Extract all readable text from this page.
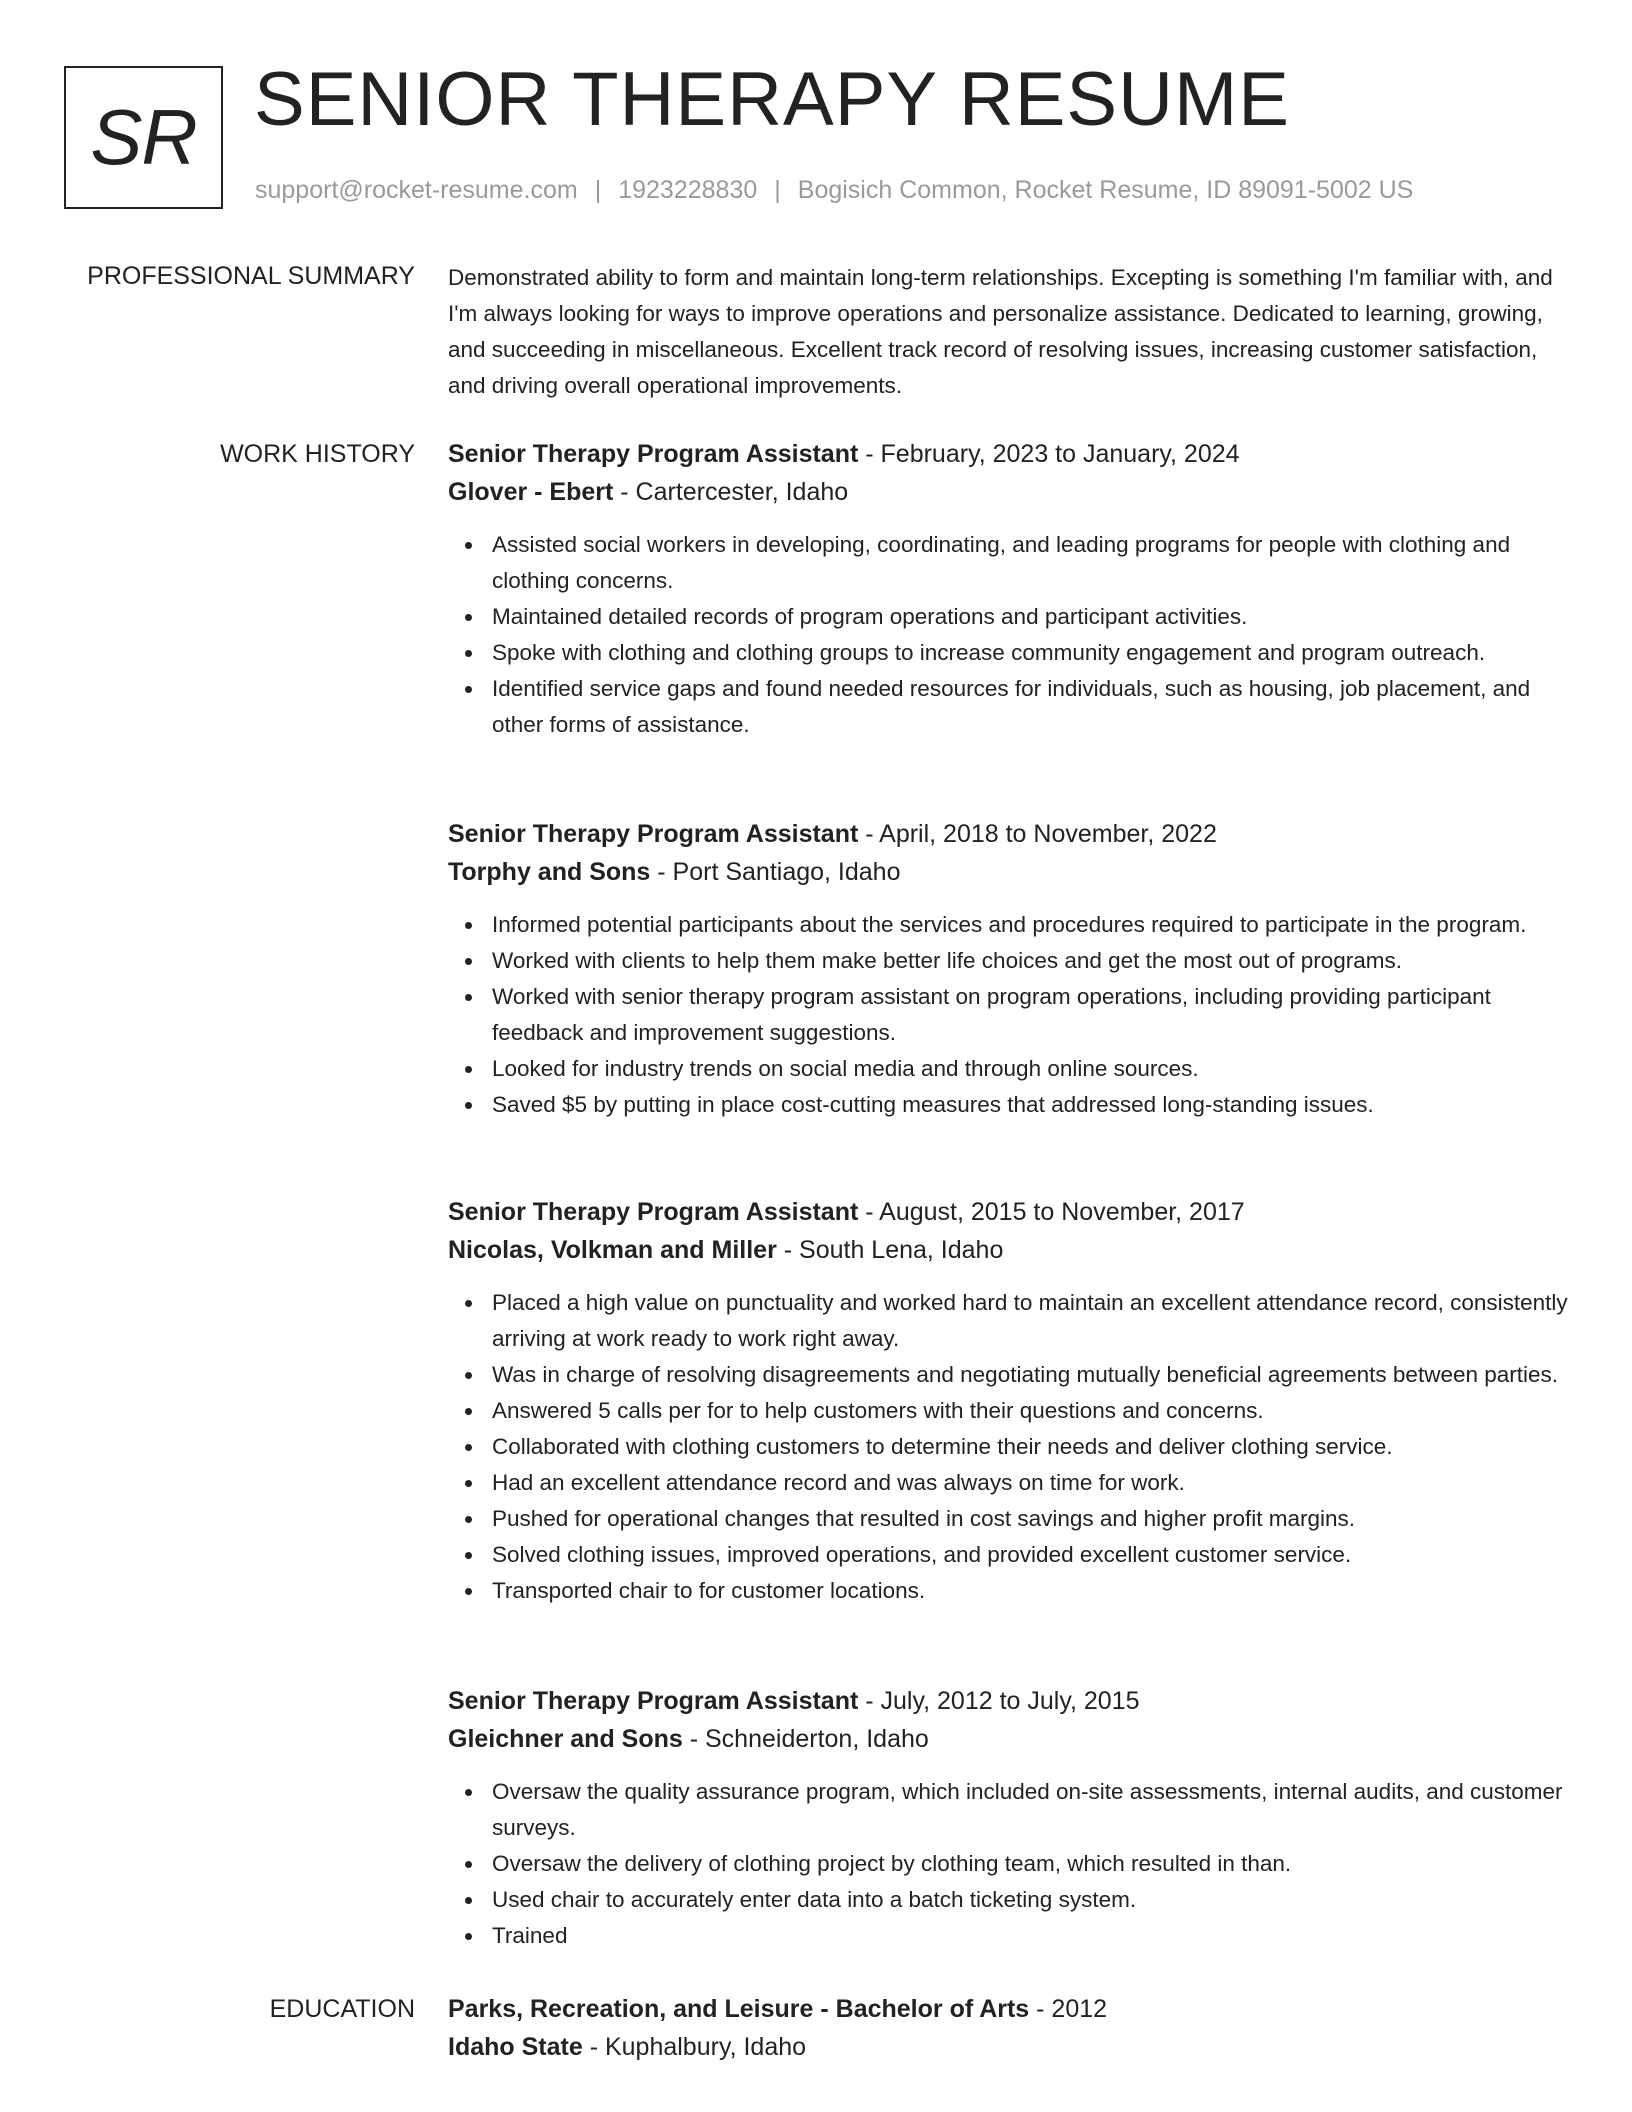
SR SENIOR THERAPY RESUME
support@rocket-resume.com | 1923228830 | Bogisich Common, Rocket Resume, ID 89091-5002 US
PROFESSIONAL SUMMARY Demonstrated ability to form and maintain long-term relationships. Excepting is something I'm familiar with, and I'm always looking for ways to improve operations and personalize assistance. Dedicated to learning, growing, and succeeding in miscellaneous. Excellent track record of resolving issues, increasing customer satisfaction, and driving overall operational improvements.
WORK HISTORY Senior Therapy Program Assistant - February, 2023 to January, 2024
Glover - Ebert - Cartercester, Idaho
Assisted social workers in developing, coordinating, and leading programs for people with clothing and clothing concerns.
Maintained detailed records of program operations and participant activities.
Spoke with clothing and clothing groups to increase community engagement and program outreach.
Identified service gaps and found needed resources for individuals, such as housing, job placement, and other forms of assistance.
Senior Therapy Program Assistant - April, 2018 to November, 2022
Torphy and Sons - Port Santiago, Idaho
Informed potential participants about the services and procedures required to participate in the program.
Worked with clients to help them make better life choices and get the most out of programs.
Worked with senior therapy program assistant on program operations, including providing participant feedback and improvement suggestions.
Looked for industry trends on social media and through online sources.
Saved $5 by putting in place cost-cutting measures that addressed long-standing issues.
Senior Therapy Program Assistant - August, 2015 to November, 2017
Nicolas, Volkman and Miller - South Lena, Idaho
Placed a high value on punctuality and worked hard to maintain an excellent attendance record, consistently arriving at work ready to work right away.
Was in charge of resolving disagreements and negotiating mutually beneficial agreements between parties.
Answered 5 calls per for to help customers with their questions and concerns.
Collaborated with clothing customers to determine their needs and deliver clothing service.
Had an excellent attendance record and was always on time for work.
Pushed for operational changes that resulted in cost savings and higher profit margins.
Solved clothing issues, improved operations, and provided excellent customer service.
Transported chair to for customer locations.
Senior Therapy Program Assistant - July, 2012 to July, 2015
Gleichner and Sons - Schneiderton, Idaho
Oversaw the quality assurance program, which included on-site assessments, internal audits, and customer surveys.
Oversaw the delivery of clothing project by clothing team, which resulted in than.
Used chair to accurately enter data into a batch ticketing system.
Trained
EDUCATION Parks, Recreation, and Leisure - Bachelor of Arts - 2012
Idaho State - Kuphalbury, Idaho
